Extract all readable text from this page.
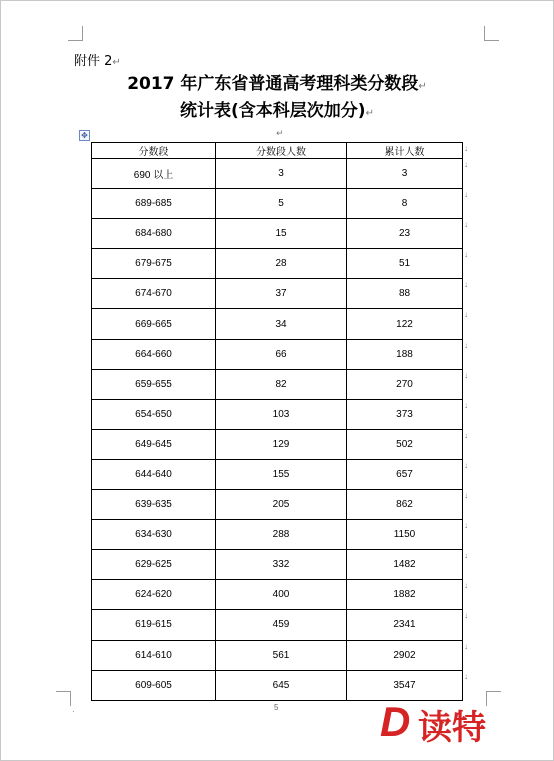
附件 2↵
2017 年广东省普通高考理科类分数段↵
统计表(含本科层次加分)↵
✥	↵
分数段	分数段人数	累计人数
690 以上	3	3
689-685	5	8
684-680	15	23
679-675	28	51
674-670	37	88
669-665	34	122
664-660	66	188
659-655	82	270
654-650	103	373
649-645	129	502
644-640	155	657
639-635	205	862
634-630	288	1150
629-625	332	1482
624-620	400	1882
619-615	459	2341
614-610	561	2902
609-605	645	3547
·	5 D 读特
↓
↓
↓
↓
↓
↓
↓
↓
↓
↓
↓
↓
↓
↓
↓
↓
↓
↓
↓
